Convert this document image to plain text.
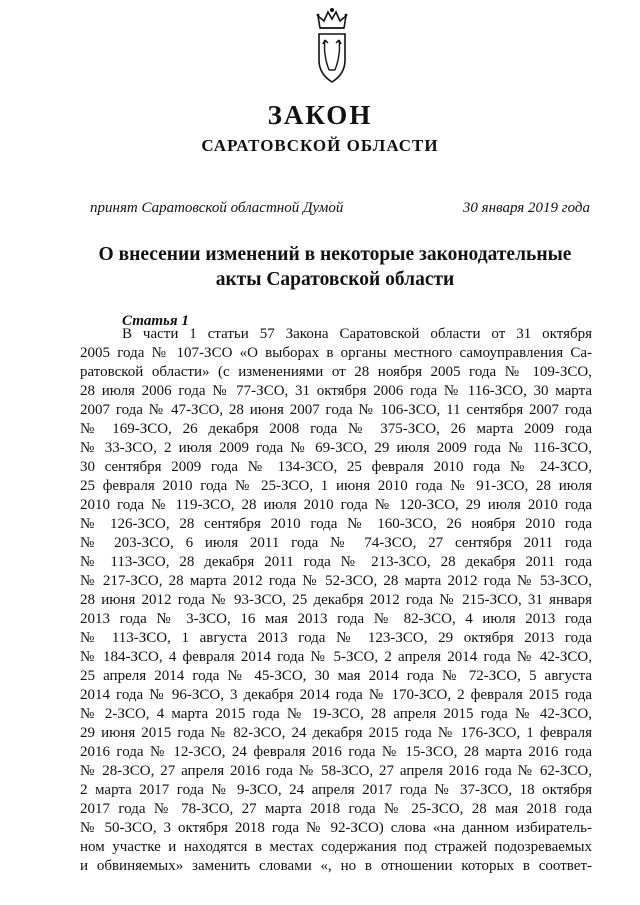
ЗАКОН
САРАТОВСКОЙ ОБЛАСТИ
принят Саратовской областной Думой	30 января 2019 года
О внесении изменений в некоторые законодательные
акты Саратовской области
Статья 1
В части 1 статьи 57 Закона Саратовской области от 31 октября
2005 года № 107-ЗСО «О выборах в органы местного самоуправления Са-
ратовской области» (с изменениями от 28 ноября 2005 года № 109-ЗСО,
28 июля 2006 года № 77-ЗСО, 31 октября 2006 года № 116-ЗСО, 30 марта
2007 года № 47-ЗСО, 28 июня 2007 года № 106-ЗСО, 11 сентября 2007 года
№ 169-ЗСО, 26 декабря 2008 года № 375-ЗСО, 26 марта 2009 года
№ 33-ЗСО, 2 июля 2009 года № 69-ЗСО, 29 июля 2009 года № 116-ЗСО,
30 сентября 2009 года № 134-ЗСО, 25 февраля 2010 года № 24-ЗСО,
25 февраля 2010 года № 25-ЗСО, 1 июня 2010 года № 91-ЗСО, 28 июля
2010 года № 119-ЗСО, 28 июля 2010 года № 120-ЗСО, 29 июля 2010 года
№ 126-ЗСО, 28 сентября 2010 года № 160-ЗСО, 26 ноября 2010 года
№ 203-ЗСО, 6 июля 2011 года № 74-ЗСО, 27 сентября 2011 года
№ 113-ЗСО, 28 декабря 2011 года № 213-ЗСО, 28 декабря 2011 года
№ 217-ЗСО, 28 марта 2012 года № 52-ЗСО, 28 марта 2012 года № 53-ЗСО,
28 июня 2012 года № 93-ЗСО, 25 декабря 2012 года № 215-ЗСО, 31 января
2013 года № 3-ЗСО, 16 мая 2013 года № 82-ЗСО, 4 июля 2013 года
№ 113-ЗСО, 1 августа 2013 года № 123-ЗСО, 29 октября 2013 года
№ 184-ЗСО, 4 февраля 2014 года № 5-ЗСО, 2 апреля 2014 года № 42-ЗСО,
25 апреля 2014 года № 45-ЗСО, 30 мая 2014 года № 72-ЗСО, 5 августа
2014 года № 96-ЗСО, 3 декабря 2014 года № 170-ЗСО, 2 февраля 2015 года
№ 2-ЗСО, 4 марта 2015 года № 19-ЗСО, 28 апреля 2015 года № 42-ЗСО,
29 июня 2015 года № 82-ЗСО, 24 декабря 2015 года № 176-ЗСО, 1 февраля
2016 года № 12-ЗСО, 24 февраля 2016 года № 15-ЗСО, 28 марта 2016 года
№ 28-ЗСО, 27 апреля 2016 года № 58-ЗСО, 27 апреля 2016 года № 62-ЗСО,
2 марта 2017 года № 9-ЗСО, 24 апреля 2017 года № 37-ЗСО, 18 октября
2017 года № 78-ЗСО, 27 марта 2018 года № 25-ЗСО, 28 мая 2018 года
№ 50-ЗСО, 3 октября 2018 года № 92-ЗСО) слова «на данном избиратель-
ном участке и находятся в местах содержания под стражей подозреваемых
и обвиняемых» заменить словами «, но в отношении которых в соответ-
